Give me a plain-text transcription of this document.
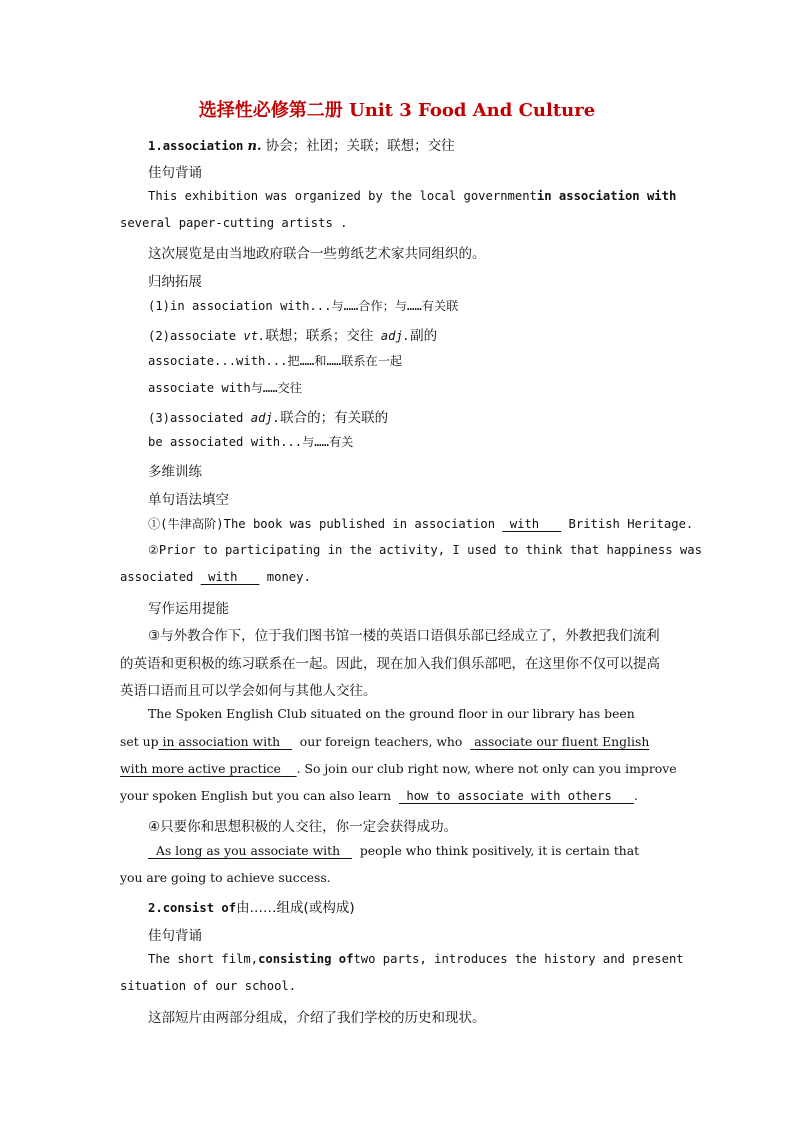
选择性必修第二册 Unit 3 Food And Culture
1.association n. 协会；社团；关联；联想；交往
佳句背诵
This exhibition was organized by the local government in association with
several paper-cutting artists .
这次展览是由当地政府联合一些剪纸艺术家共同组织的。
归纳拓展
(1)in association with...与……合作；与……有关联
(2)associate vt.联想；联系；交往 adj.副的
associate...with...把……和……联系在一起
associate with与……交往
(3)associated adj.联合的；有关联的
be associated with...与……有关
多维训练
单句语法填空
①(牛津高阶)The book was published in association with British Heritage.
②Prior to participating in the activity, I used to think that happiness was
associated with money.
写作运用提能
③与外教合作下，位于我们图书馆一楼的英语口语俱乐部已经成立了，外教把我们流利
的英语和更积极的练习联系在一起。因此，现在加入我们俱乐部吧，在这里你不仅可以提高
英语口语而且可以学会如何与其他人交往。
The Spoken English Club situated on the ground floor in our library has been
set up in association with our foreign teachers, who associate our fluent English
with more active practice . So join our club right now, where not only can you improve
your spoken English but you can also learn how to associate with others .
④只要你和思想积极的人交往，你一定会获得成功。
As long as you associate with people who think positively, it is certain that
you are going to achieve success.
2.consist of由……组成(或构成)
佳句背诵
The short film, consisting of two parts, introduces the history and present
situation of our school.
这部短片由两部分组成，介绍了我们学校的历史和现状。
